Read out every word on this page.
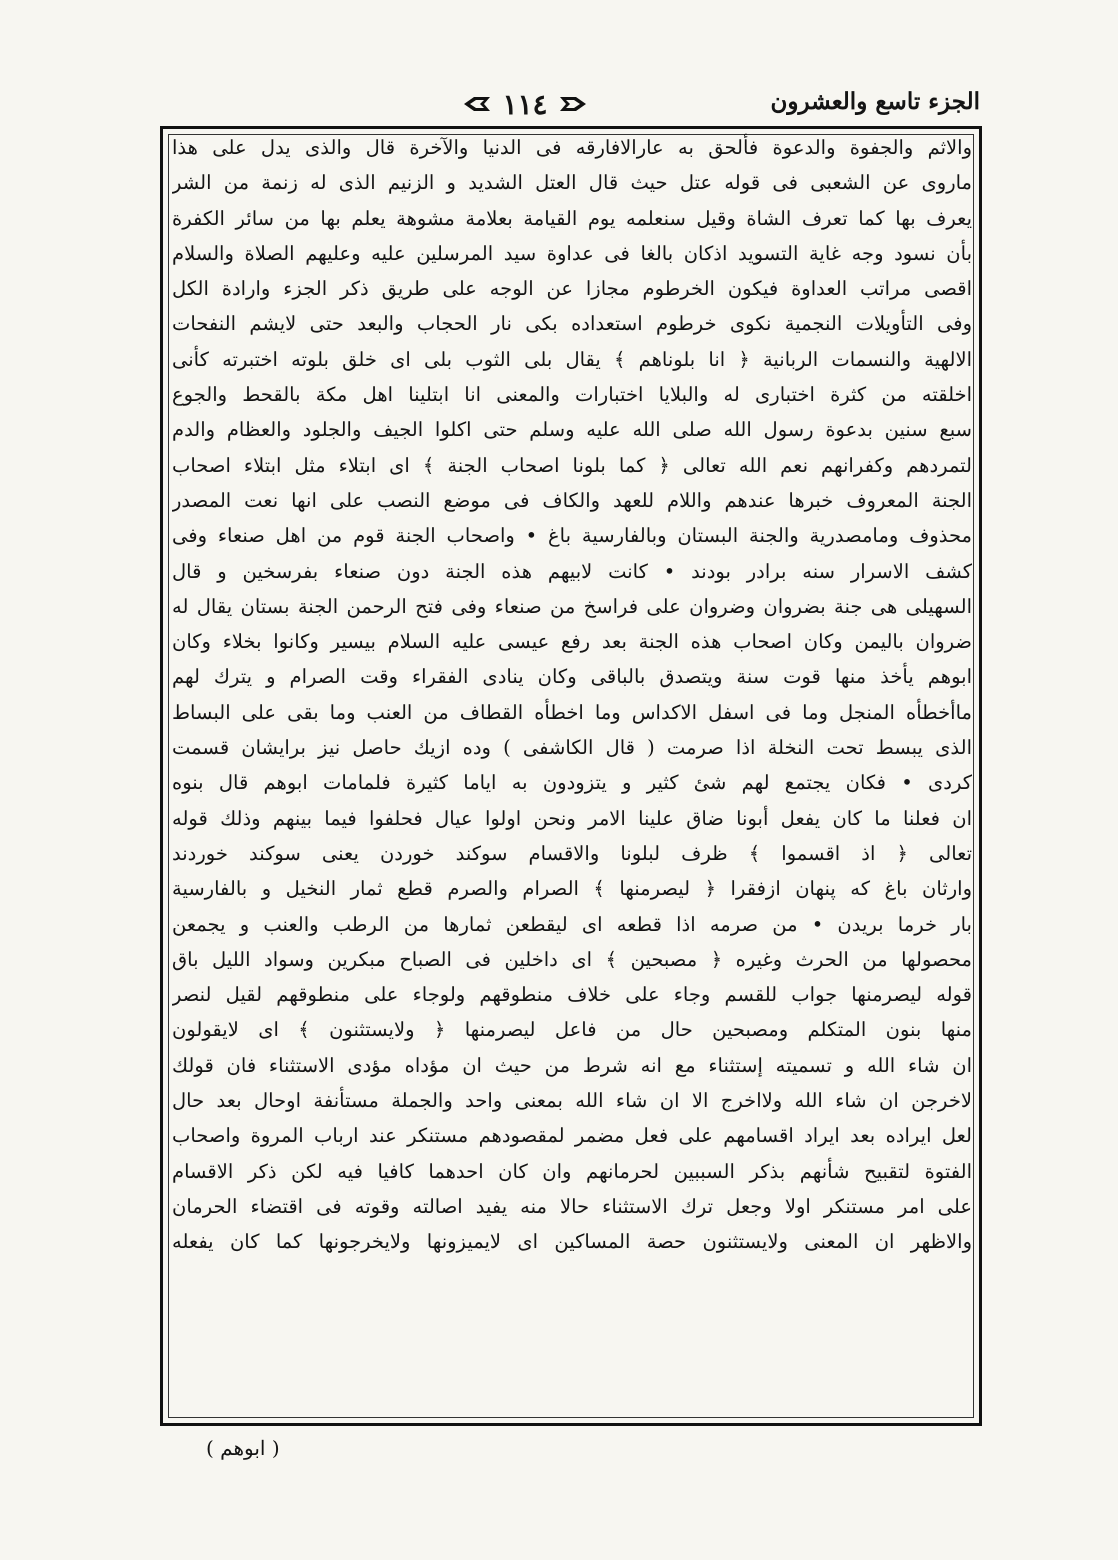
الجزء تاسع والعشرون
١١٤
والاثم والجفوة والدعوة فألحق به عارالافارقه فى الدنيا والآخرة قال والذى يدل على هذا
ماروى عن الشعبى فى قوله عتل حيث قال العتل الشديد و الزنيم الذى له زنمة من الشر
يعرف بها كما تعرف الشاة وقيل سنعلمه يوم القيامة بعلامة مشوهة يعلم بها من سائر الكفرة
بأن نسود وجه غاية التسويد اذكان بالغا فى عداوة سيد المرسلين عليه وعليهم الصلاة والسلام
اقصى مراتب العداوة فيكون الخرطوم مجازا عن الوجه على طريق ذكر الجزء وارادة الكل
وفى التأويلات النجمية نكوى خرطوم استعداده بكى نار الحجاب والبعد حتى لايشم النفحات
الالهية والنسمات الربانية ﴿ انا بلوناهم ﴾ يقال بلى الثوب بلى اى خلق بلوته اختبرته كأنى
اخلقته من كثرة اختبارى له والبلايا اختبارات والمعنى انا ابتلينا اهل مكة بالقحط والجوع
سبع سنين بدعوة رسول الله صلى الله عليه وسلم حتى اكلوا الجيف والجلود والعظام والدم
لتمردهم وكفرانهم نعم الله تعالى ﴿ كما بلونا اصحاب الجنة ﴾ اى ابتلاء مثل ابتلاء اصحاب
الجنة المعروف خبرها عندهم واللام للعهد والكاف فى موضع النصب على انها نعت المصدر
محذوف ومامصدرية والجنة البستان وبالفارسية باغ • واصحاب الجنة قوم من اهل صنعاء وفى
كشف الاسرار سنه برادر بودند • كانت لابيهم هذه الجنة دون صنعاء بفرسخين و قال
السهيلى هى جنة بضروان وضروان على فراسخ من صنعاء وفى فتح الرحمن الجنة بستان يقال له
ضروان باليمن وكان اصحاب هذه الجنة بعد رفع عيسى عليه السلام بيسير وكانوا بخلاء وكان
ابوهم يأخذ منها قوت سنة ويتصدق بالباقى وكان ينادى الفقراء وقت الصرام و يترك لهم
ماأخطأه المنجل وما فى اسفل الاكداس وما اخطأه القطاف من العنب وما بقى على البساط
الذى يبسط تحت النخلة اذا صرمت ( قال الكاشفى ) وده ازيك حاصل نيز برايشان قسمت
كردى • فكان يجتمع لهم شئ كثير و يتزودون به اياما كثيرة فلمامات ابوهم قال بنوه
ان فعلنا ما كان يفعل أبونا ضاق علينا الامر ونحن اولوا عيال فحلفوا فيما بينهم وذلك قوله
تعالى ﴿ اذ اقسموا ﴾ ظرف لبلونا والاقسام سوكند خوردن يعنى سوكند خوردند
وارثان باغ كه پنهان ازفقرا ﴿ ليصرمنها ﴾ الصرام والصرم قطع ثمار النخيل و بالفارسية
بار خرما بريدن • من صرمه اذا قطعه اى ليقطعن ثمارها من الرطب والعنب و يجمعن
محصولها من الحرث وغيره ﴿ مصبحين ﴾ اى داخلين فى الصباح مبكرين وسواد الليل باق
قوله ليصرمنها جواب للقسم وجاء على خلاف منطوقهم ولوجاء على منطوقهم لقيل لنصر
منها بنون المتكلم ومصبحين حال من فاعل ليصرمنها ﴿ ولايستثنون ﴾ اى لايقولون
ان شاء الله و تسميته إستثناء مع انه شرط من حيث ان مؤداه مؤدى الاستثناء فان قولك
لاخرجن ان شاء الله ولااخرج الا ان شاء الله بمعنى واحد والجملة مستأنفة اوحال بعد حال
لعل ايراده بعد ايراد اقسامهم على فعل مضمر لمقصودهم مستنكر عند ارباب المروة واصحاب
الفتوة لتقبيح شأنهم بذكر السببين لحرمانهم وان كان احدهما كافيا فيه لكن ذكر الاقسام
على امر مستنكر اولا وجعل ترك الاستثناء حالا منه يفيد اصالته وقوته فى اقتضاء الحرمان
والاظهر ان المعنى ولايستثنون حصة المساكين اى لايميزونها ولايخرجونها كما كان يفعله
( ابوهم )
